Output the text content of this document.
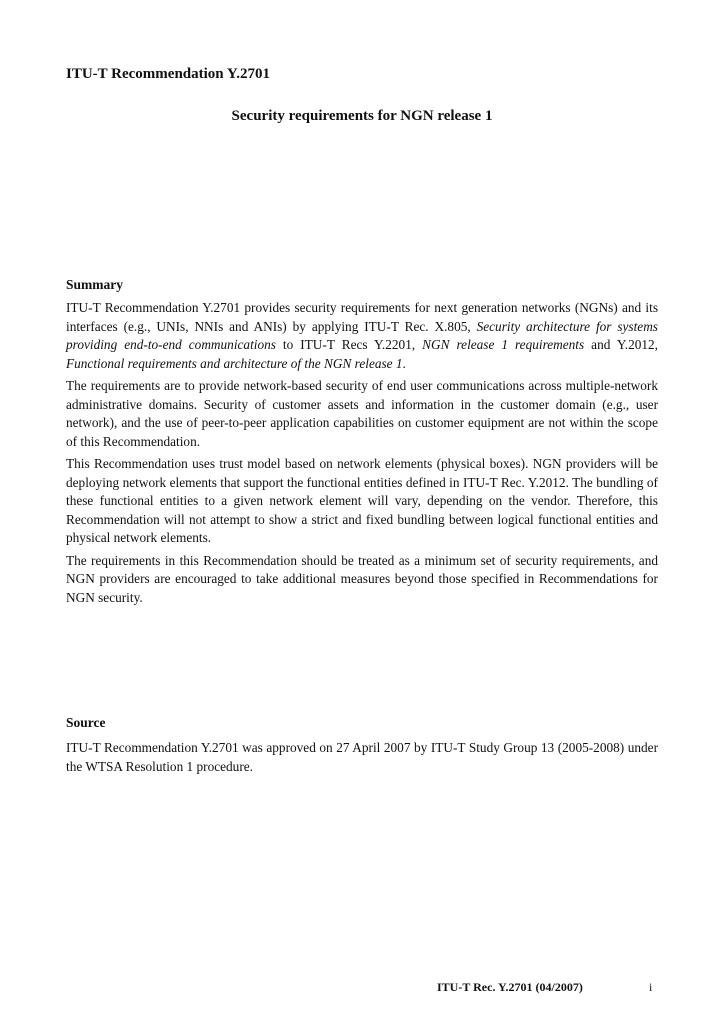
ITU-T Recommendation Y.2701
Security requirements for NGN release 1
Summary

ITU-T Recommendation Y.2701 provides security requirements for next generation networks (NGNs) and its interfaces (e.g., UNIs, NNIs and ANIs) by applying ITU-T Rec. X.805, Security architecture for systems providing end-to-end communications to ITU-T Recs Y.2201, NGN release 1 requirements and Y.2012, Functional requirements and architecture of the NGN release 1.

The requirements are to provide network-based security of end user communications across multiple-network administrative domains. Security of customer assets and information in the customer domain (e.g., user network), and the use of peer-to-peer application capabilities on customer equipment are not within the scope of this Recommendation.

This Recommendation uses trust model based on network elements (physical boxes). NGN providers will be deploying network elements that support the functional entities defined in ITU-T Rec. Y.2012. The bundling of these functional entities to a given network element will vary, depending on the vendor. Therefore, this Recommendation will not attempt to show a strict and fixed bundling between logical functional entities and physical network elements.

The requirements in this Recommendation should be treated as a minimum set of security requirements, and NGN providers are encouraged to take additional measures beyond those specified in Recommendations for NGN security.

Source

ITU-T Recommendation Y.2701 was approved on 27 April 2007 by ITU-T Study Group 13 (2005-2008) under the WTSA Resolution 1 procedure.

ITU-T Rec. Y.2701 (04/2007)	i
